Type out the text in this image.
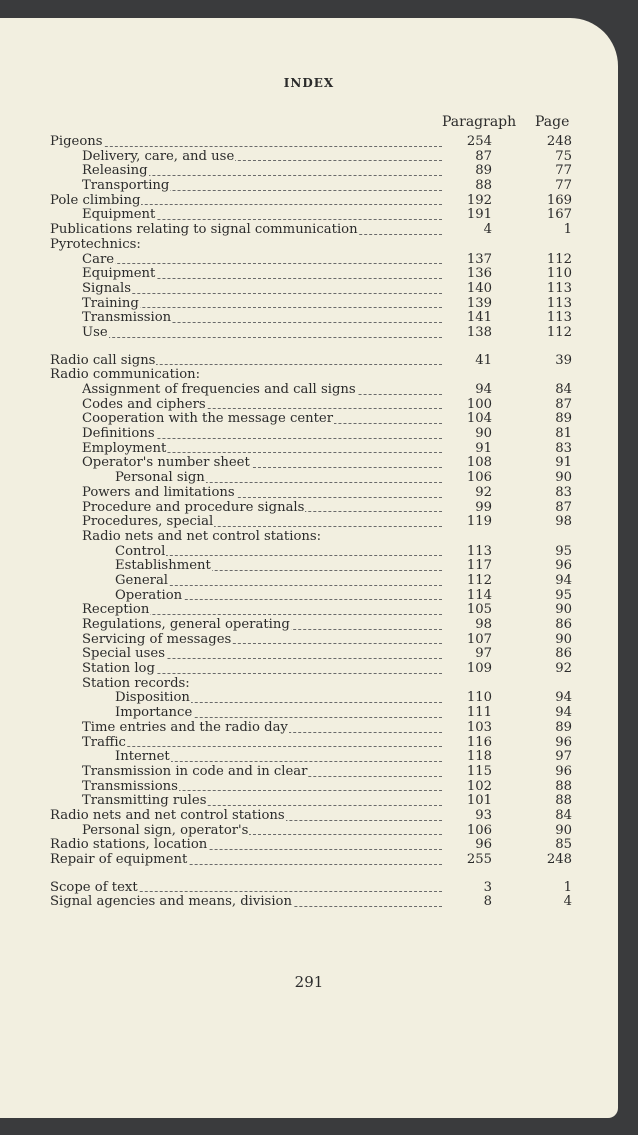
INDEX
Paragraph Page
Pigeons	254	248
Delivery, care, and use	87	75
Releasing	89	77
Transporting	88	77
Pole climbing	192	169
Equipment	191	167
Publications relating to signal communication	4	1
Pyrotechnics:
Care	137	112
Equipment	136	110
Signals	140	113
Training	139	113
Transmission	141	113
Use	138	112
Radio call signs	41	39
Radio communication:
Assignment of frequencies and call signs	94	84
Codes and ciphers	100	87
Cooperation with the message center	104	89
Definitions	90	81
Employment	91	83
Operator's number sheet	108	91
Personal sign	106	90
Powers and limitations	92	83
Procedure and procedure signals	99	87
Procedures, special	119	98
Radio nets and net control stations:
Control	113	95
Establishment	117	96
General	112	94
Operation	114	95
Reception	105	90
Regulations, general operating	98	86
Servicing of messages	107	90
Special uses	97	86
Station log	109	92
Station records:
Disposition	110	94
Importance	111	94
Time entries and the radio day	103	89
Traffic	116	96
Internet	118	97
Transmission in code and in clear	115	96
Transmissions	102	88
Transmitting rules	101	88
Radio nets and net control stations	93	84
Personal sign, operator's	106	90
Radio stations, location	96	85
Repair of equipment	255	248
Scope of text	3	1
Signal agencies and means, division	8	4
291
